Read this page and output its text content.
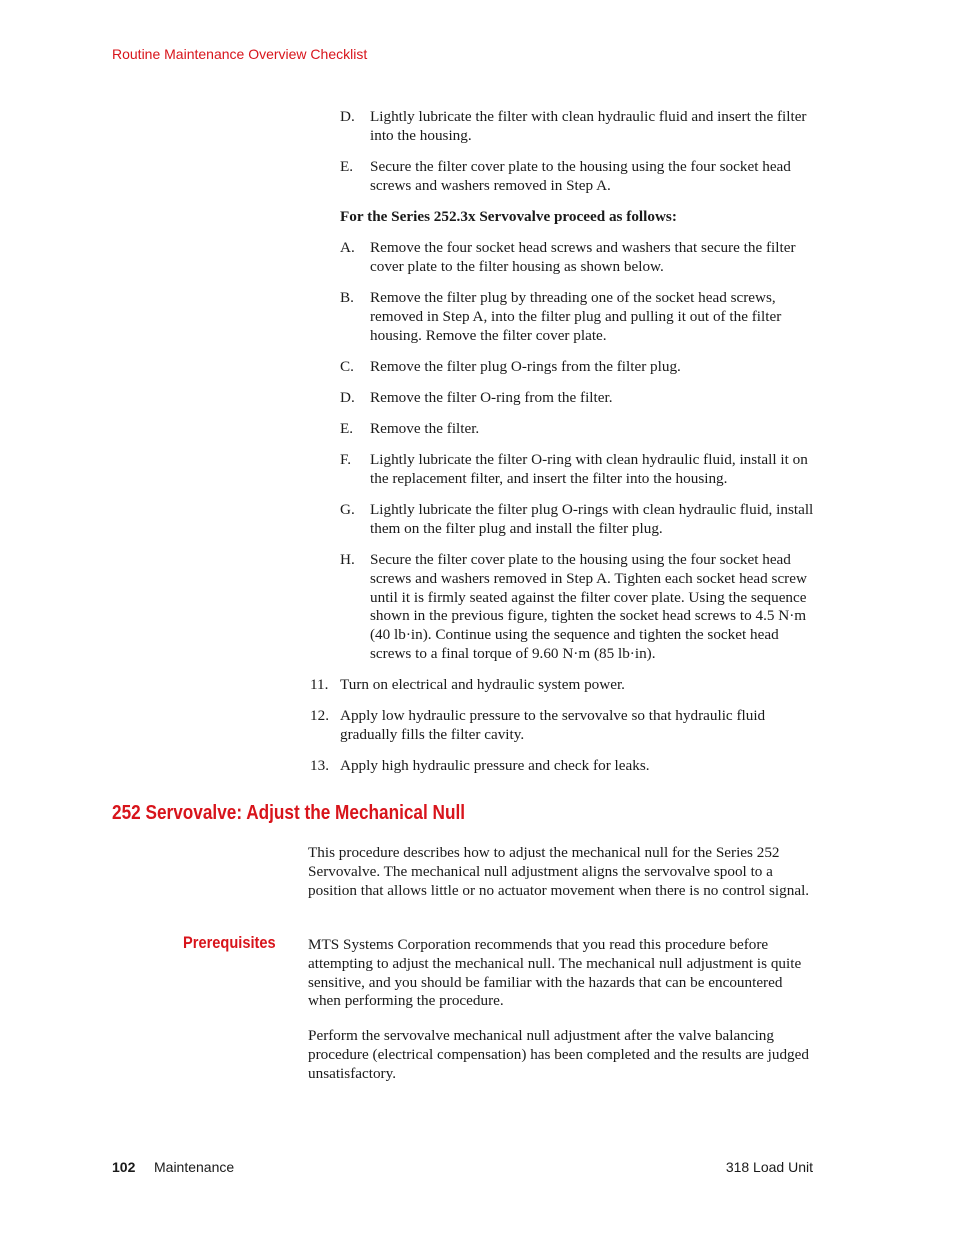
Routine Maintenance Overview Checklist
D. Lightly lubricate the filter with clean hydraulic fluid and insert the filter into the housing.
E. Secure the filter cover plate to the housing using the four socket head screws and washers removed in Step A.
For the Series 252.3x Servovalve proceed as follows:
A. Remove the four socket head screws and washers that secure the filter cover plate to the filter housing as shown below.
B. Remove the filter plug by threading one of the socket head screws, removed in Step A, into the filter plug and pulling it out of the filter housing. Remove the filter cover plate.
C. Remove the filter plug O-rings from the filter plug.
D. Remove the filter O-ring from the filter.
E. Remove the filter.
F. Lightly lubricate the filter O-ring with clean hydraulic fluid, install it on the replacement filter, and insert the filter into the housing.
G. Lightly lubricate the filter plug O-rings with clean hydraulic fluid, install them on the filter plug and install the filter plug.
H. Secure the filter cover plate to the housing using the four socket head screws and washers removed in Step A. Tighten each socket head screw until it is firmly seated against the filter cover plate. Using the sequence shown in the previous figure, tighten the socket head screws to 4.5 N·m (40 lb·in). Continue using the sequence and tighten the socket head screws to a final torque of 9.60 N·m (85 lb·in).
11. Turn on electrical and hydraulic system power.
12. Apply low hydraulic pressure to the servovalve so that hydraulic fluid gradually fills the filter cavity.
13. Apply high hydraulic pressure and check for leaks.
252 Servovalve: Adjust the Mechanical Null
This procedure describes how to adjust the mechanical null for the Series 252 Servovalve. The mechanical null adjustment aligns the servovalve spool to a position that allows little or no actuator movement when there is no control signal.
Prerequisites MTS Systems Corporation recommends that you read this procedure before attempting to adjust the mechanical null. The mechanical null adjustment is quite sensitive, and you should be familiar with the hazards that can be encountered when performing the procedure.
Perform the servovalve mechanical null adjustment after the valve balancing procedure (electrical compensation) has been completed and the results are judged unsatisfactory.
102 Maintenance	318 Load Unit
